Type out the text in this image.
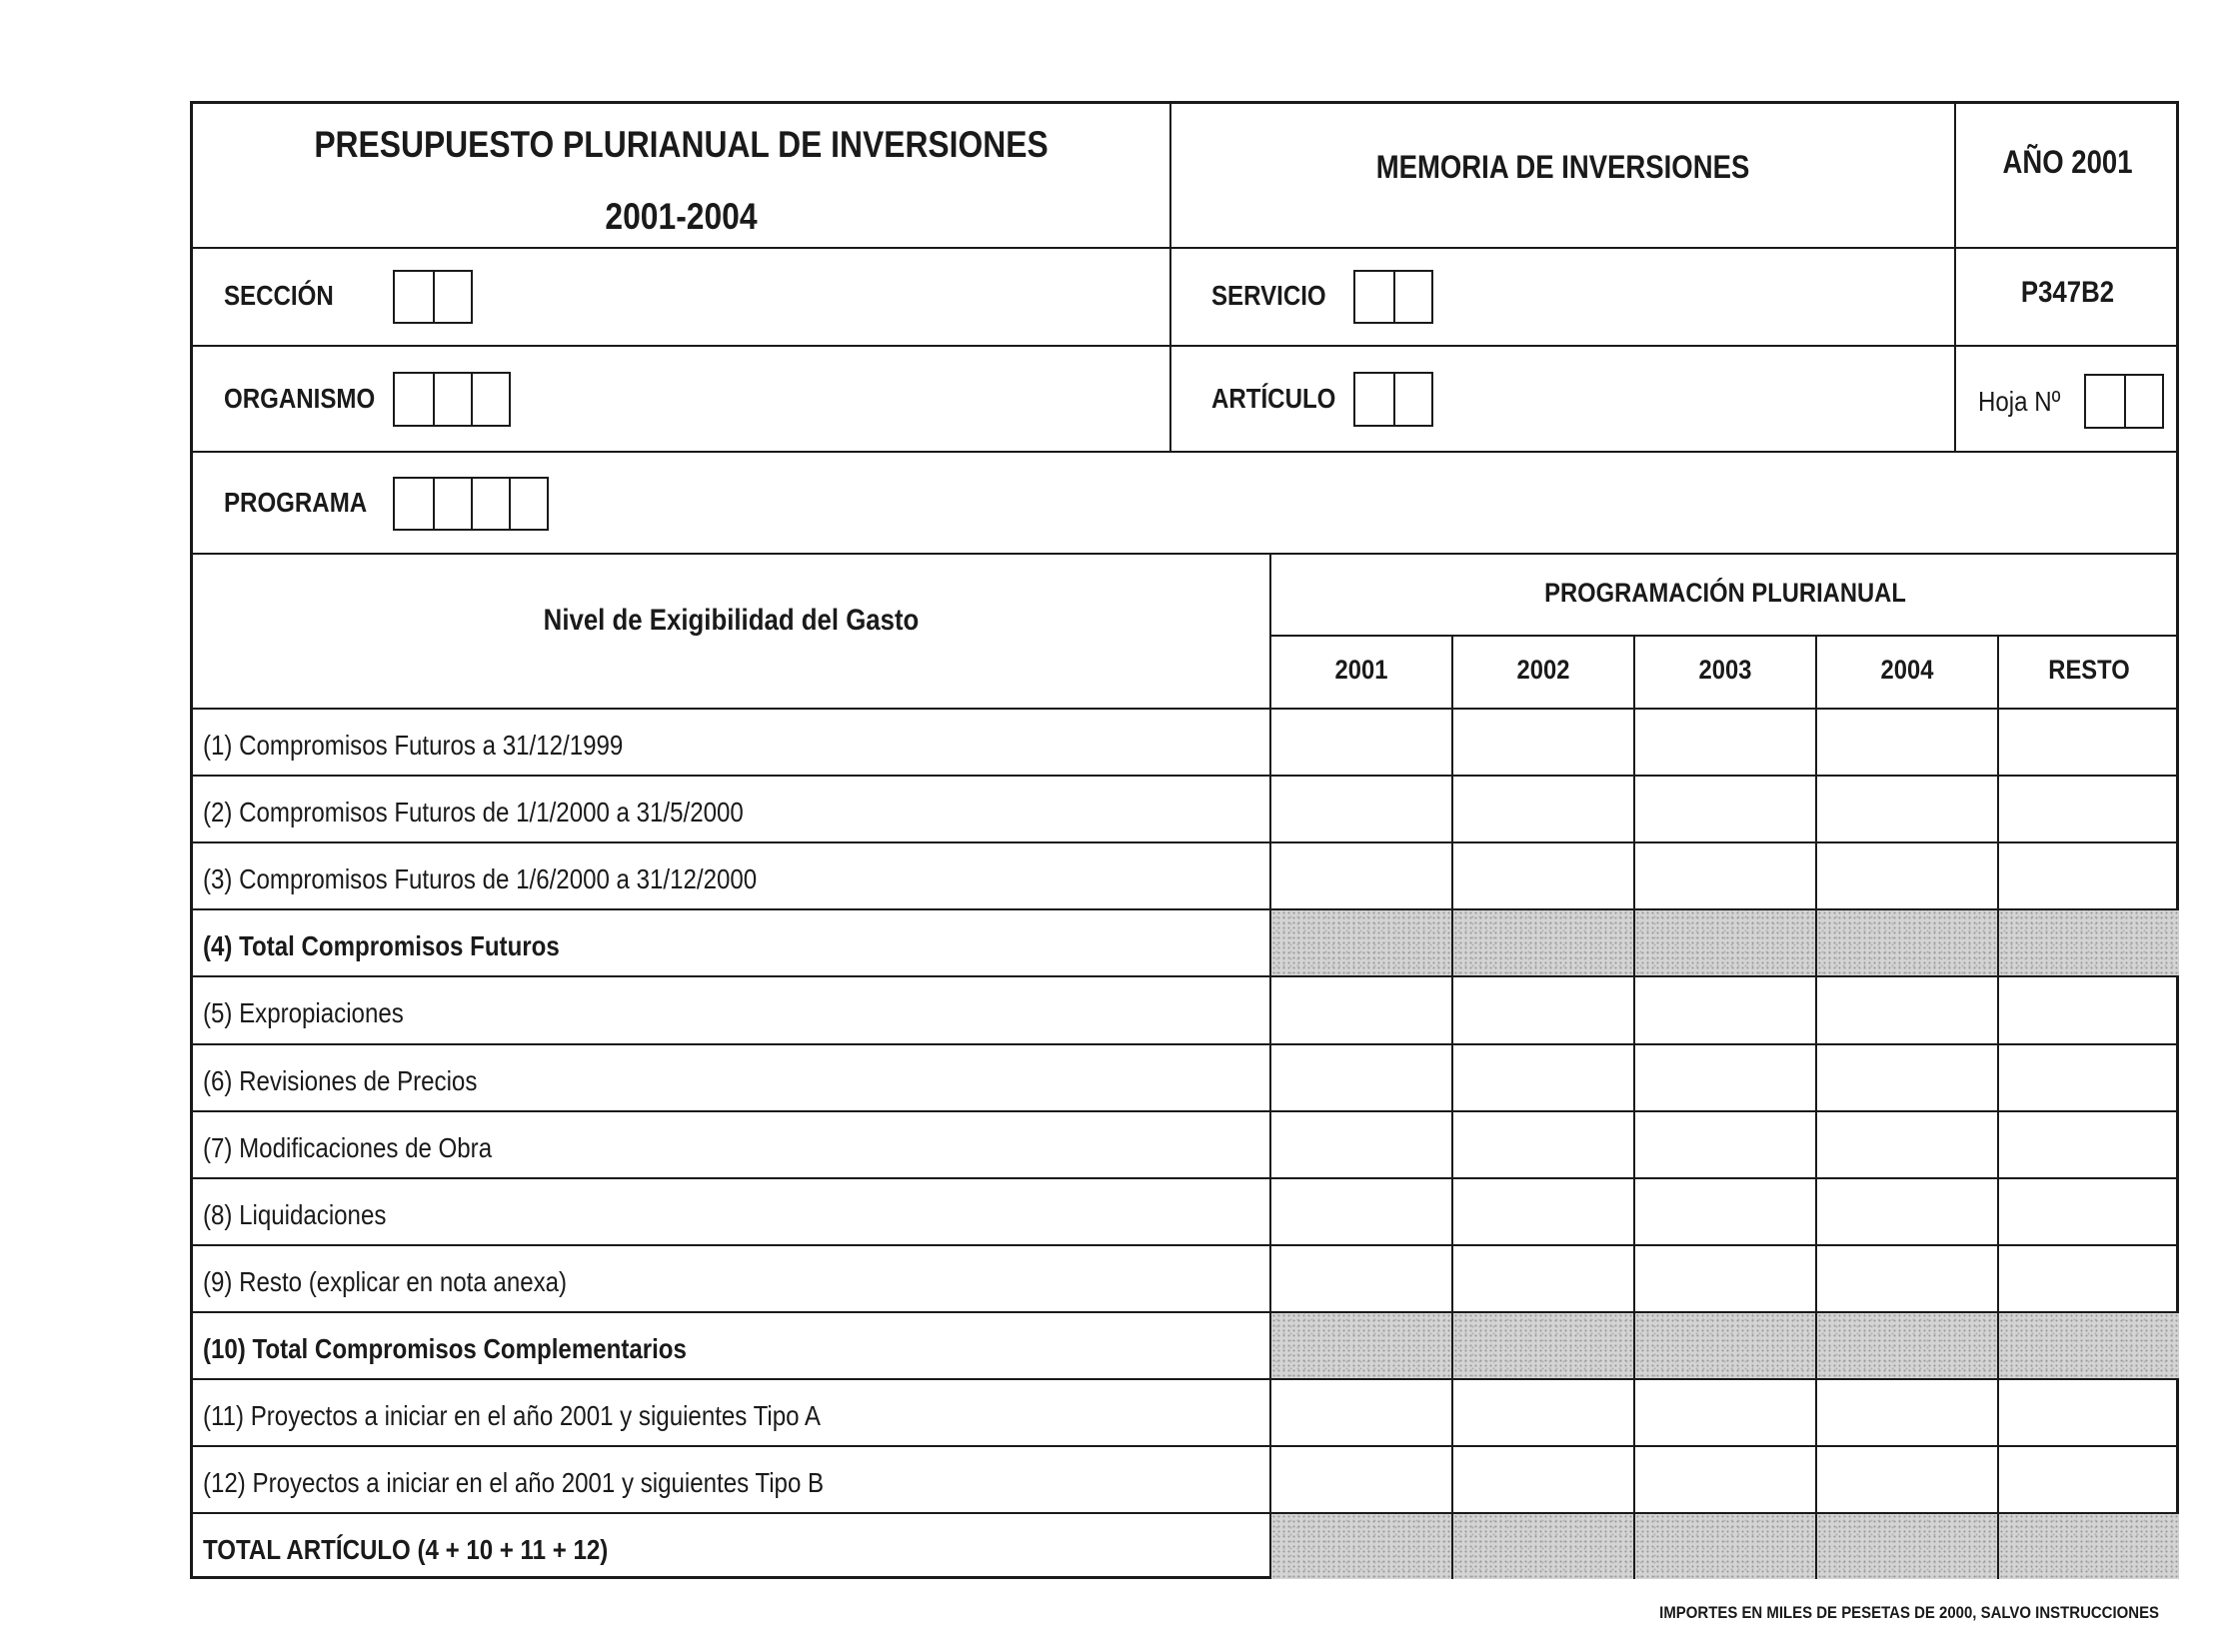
PRESUPUESTO PLURIANUAL DE INVERSIONES
2001-2004
MEMORIA DE INVERSIONES	AÑO 2001
SECCIÓN	SERVICIO	P347B2
ORGANISMO	ARTÍCULO	Hoja Nº
PROGRAMA
Nivel de Exigibilidad del Gasto
PROGRAMACIÓN PLURIANUAL
2001	2002	2003	2004	RESTO
(1) Compromisos Futuros a 31/12/1999
(2) Compromisos Futuros de 1/1/2000 a 31/5/2000
(3) Compromisos Futuros de 1/6/2000 a 31/12/2000
(4) Total Compromisos Futuros
(5) Expropiaciones
(6) Revisiones de Precios
(7) Modificaciones de Obra
(8) Liquidaciones
(9) Resto (explicar en nota anexa)
(10) Total Compromisos Complementarios
(11) Proyectos a iniciar en el año 2001 y siguientes Tipo A
(12) Proyectos a iniciar en el año 2001 y siguientes Tipo B
TOTAL ARTÍCULO (4 + 10 + 11 + 12)
IMPORTES EN MILES DE PESETAS DE 2000, SALVO INSTRUCCIONES
